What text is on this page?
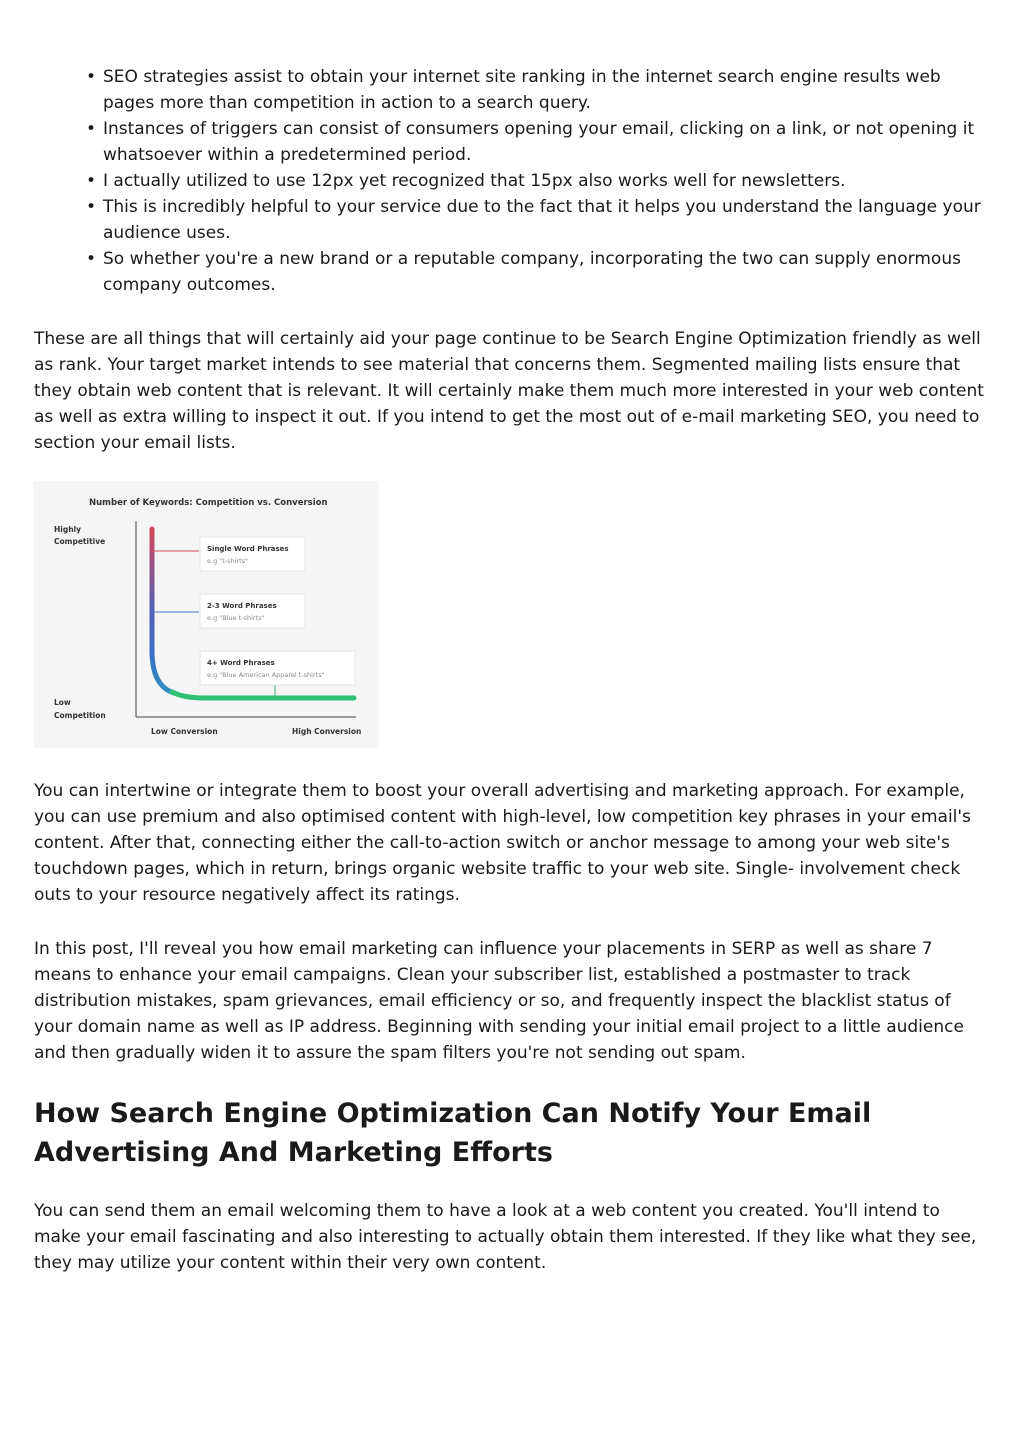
• SEO strategies assist to obtain your internet site ranking in the internet search engine results web pages more than competition in action to a search query.
• Instances of triggers can consist of consumers opening your email, clicking on a link, or not opening it whatsoever within a predetermined period.
• I actually utilized to use 12px yet recognized that 15px also works well for newsletters.
• This is incredibly helpful to your service due to the fact that it helps you understand the language your audience uses.
• So whether you're a new brand or a reputable company, incorporating the two can supply enormous company outcomes.

These are all things that will certainly aid your page continue to be Search Engine Optimization friendly as well as rank. Your target market intends to see material that concerns them. Segmented mailing lists ensure that they obtain web content that is relevant. It will certainly make them much more interested in your web content as well as extra willing to inspect it out. If you intend to get the most out of e-mail marketing SEO, you need to section your email lists.

Number of Keywords: Competition vs. Conversion
Highly
Competitive
Low
Competition
Low Conversion	High Conversion
Single Word Phrases
e.g "t-shirts"
2-3 Word Phrases
e.g "Blue t-shirts"
4+ Word Phrases
e.g "Blue American Apparel t-shirts"

You can intertwine or integrate them to boost your overall advertising and marketing approach. For example, you can use premium and also optimised content with high-level, low competition key phrases in your email's content. After that, connecting either the call-to-action switch or anchor message to among your web site's touchdown pages, which in return, brings organic website traffic to your web site. Single- involvement check outs to your resource negatively affect its ratings.

In this post, I'll reveal you how email marketing can influence your placements in SERP as well as share 7 means to enhance your email campaigns. Clean your subscriber list, established a postmaster to track distribution mistakes, spam grievances, email efficiency or so, and frequently inspect the blacklist status of your domain name as well as IP address. Beginning with sending your initial email project to a little audience and then gradually widen it to assure the spam filters you're not sending out spam.

How Search Engine Optimization Can Notify Your Email Advertising And Marketing Efforts

You can send them an email welcoming them to have a look at a web content you created. You'll intend to make your email fascinating and also interesting to actually obtain them interested. If they like what they see, they may utilize your content within their very own content.
